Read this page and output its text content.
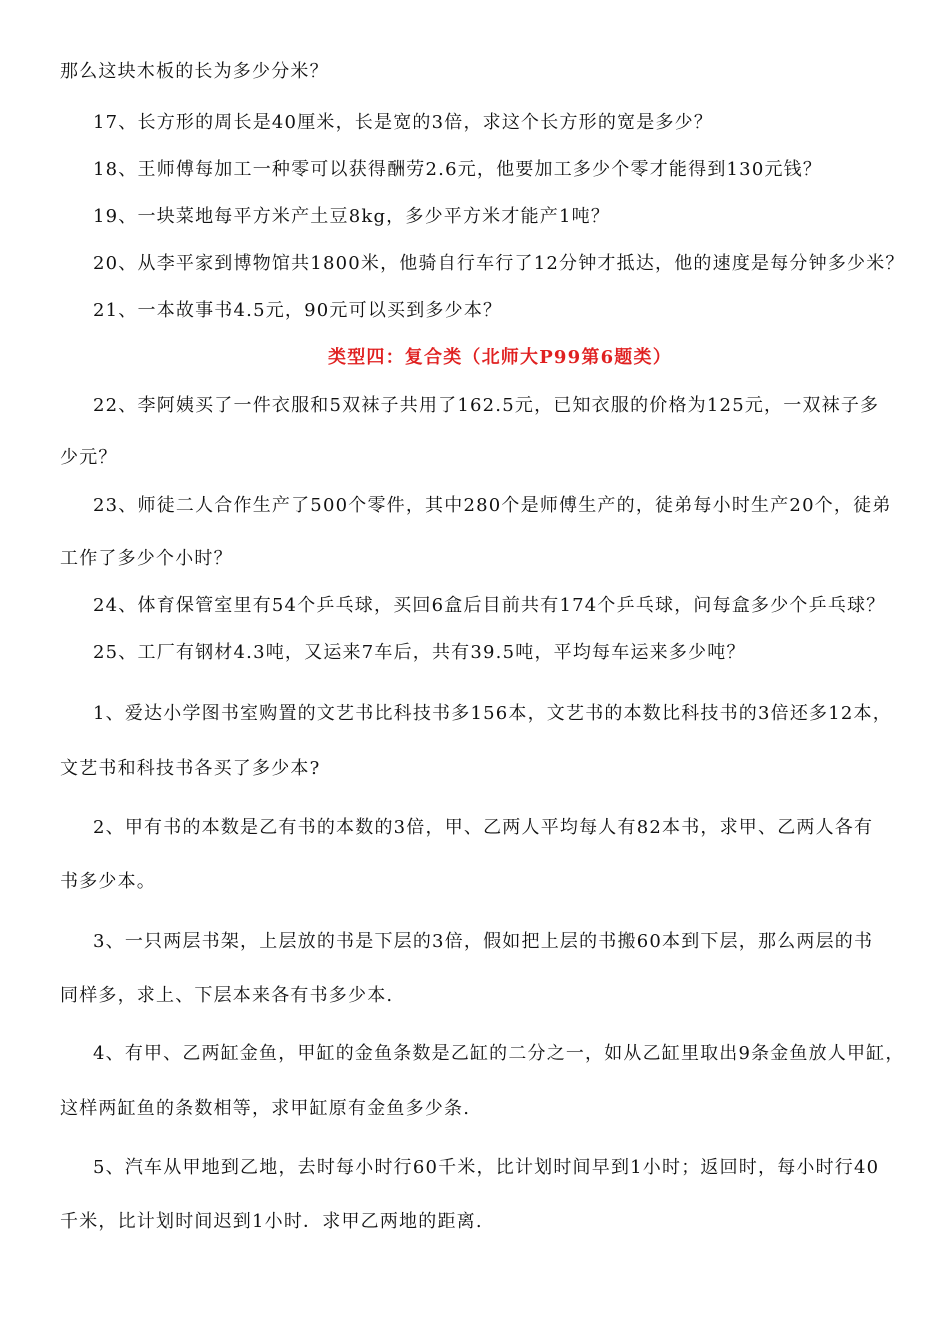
那么这块木板的长为多少分米？
17、长方形的周长是40厘米，长是宽的3倍，求这个长方形的宽是多少？
18、王师傅每加工一种零可以获得酬劳2.6元，他要加工多少个零才能得到130元钱？
19、一块菜地每平方米产土豆8kg，多少平方米才能产1吨？
20、从李平家到博物馆共1800米，他骑自行车行了12分钟才抵达，他的速度是每分钟多少米？
21、一本故事书4.5元，90元可以买到多少本？
类型四：复合类（北师大P99第6题类）
22、李阿姨买了一件衣服和5双袜子共用了162.5元，已知衣服的价格为125元，一双袜子多
少元？
23、师徒二人合作生产了500个零件，其中280个是师傅生产的，徒弟每小时生产20个，徒弟
工作了多少个小时？
24、体育保管室里有54个乒乓球，买回6盒后目前共有174个乒乓球，问每盒多少个乒乓球？
25、工厂有钢材4.3吨，又运来7车后，共有39.5吨，平均每车运来多少吨？
1、爱达小学图书室购置的文艺书比科技书多156本，文艺书的本数比科技书的3倍还多12本，
文艺书和科技书各买了多少本?
2、甲有书的本数是乙有书的本数的3倍，甲、乙两人平均每人有82本书，求甲、乙两人各有
书多少本。
3、一只两层书架，上层放的书是下层的3倍，假如把上层的书搬60本到下层，那么两层的书
同样多，求上、下层本来各有书多少本.
4、有甲、乙两缸金鱼，甲缸的金鱼条数是乙缸的二分之一，如从乙缸里取出9条金鱼放人甲缸，
这样两缸鱼的条数相等，求甲缸原有金鱼多少条.
5、汽车从甲地到乙地，去时每小时行60千米，比计划时间早到1小时；返回时，每小时行40
千米，比计划时间迟到1小时．求甲乙两地的距离.
